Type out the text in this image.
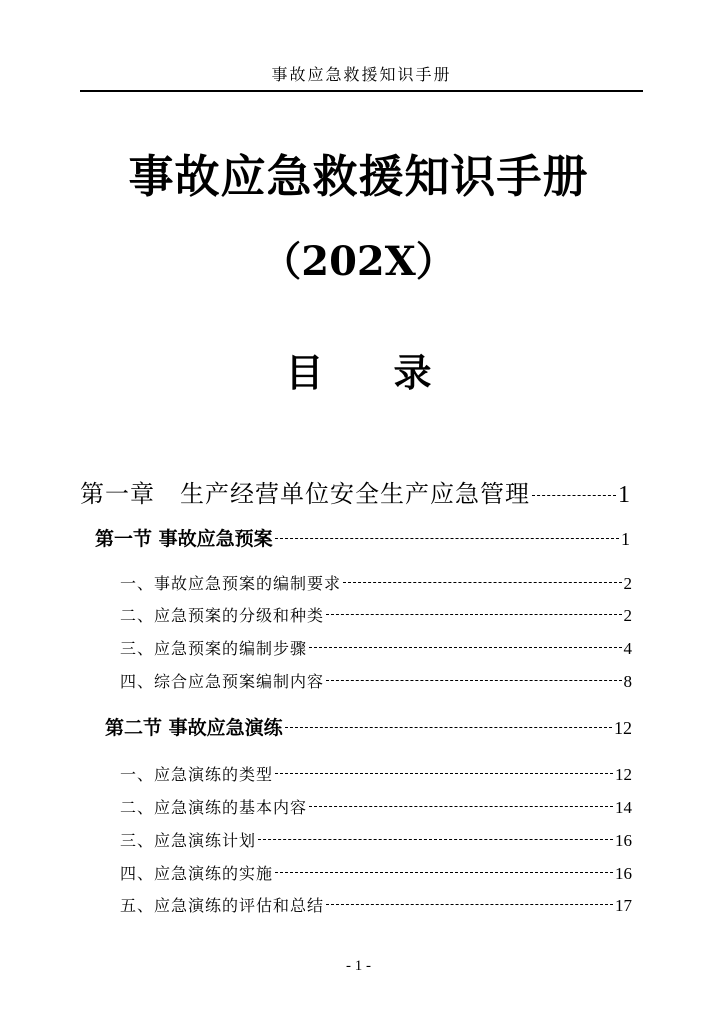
事故应急救援知识手册
事故应急救援知识手册
（202X）
目录
第一章　生产经营单位安全生产应急管理	1
第一节 事故应急预案	1
一、事故应急预案的编制要求	2
二、应急预案的分级和种类	2
三、应急预案的编制步骤	4
四、综合应急预案编制内容	8
第二节 事故应急演练	12
一、应急演练的类型	12
二、应急演练的基本内容	14
三、应急演练计划	16
四、应急演练的实施	16
五、应急演练的评估和总结	17
- 1 -
